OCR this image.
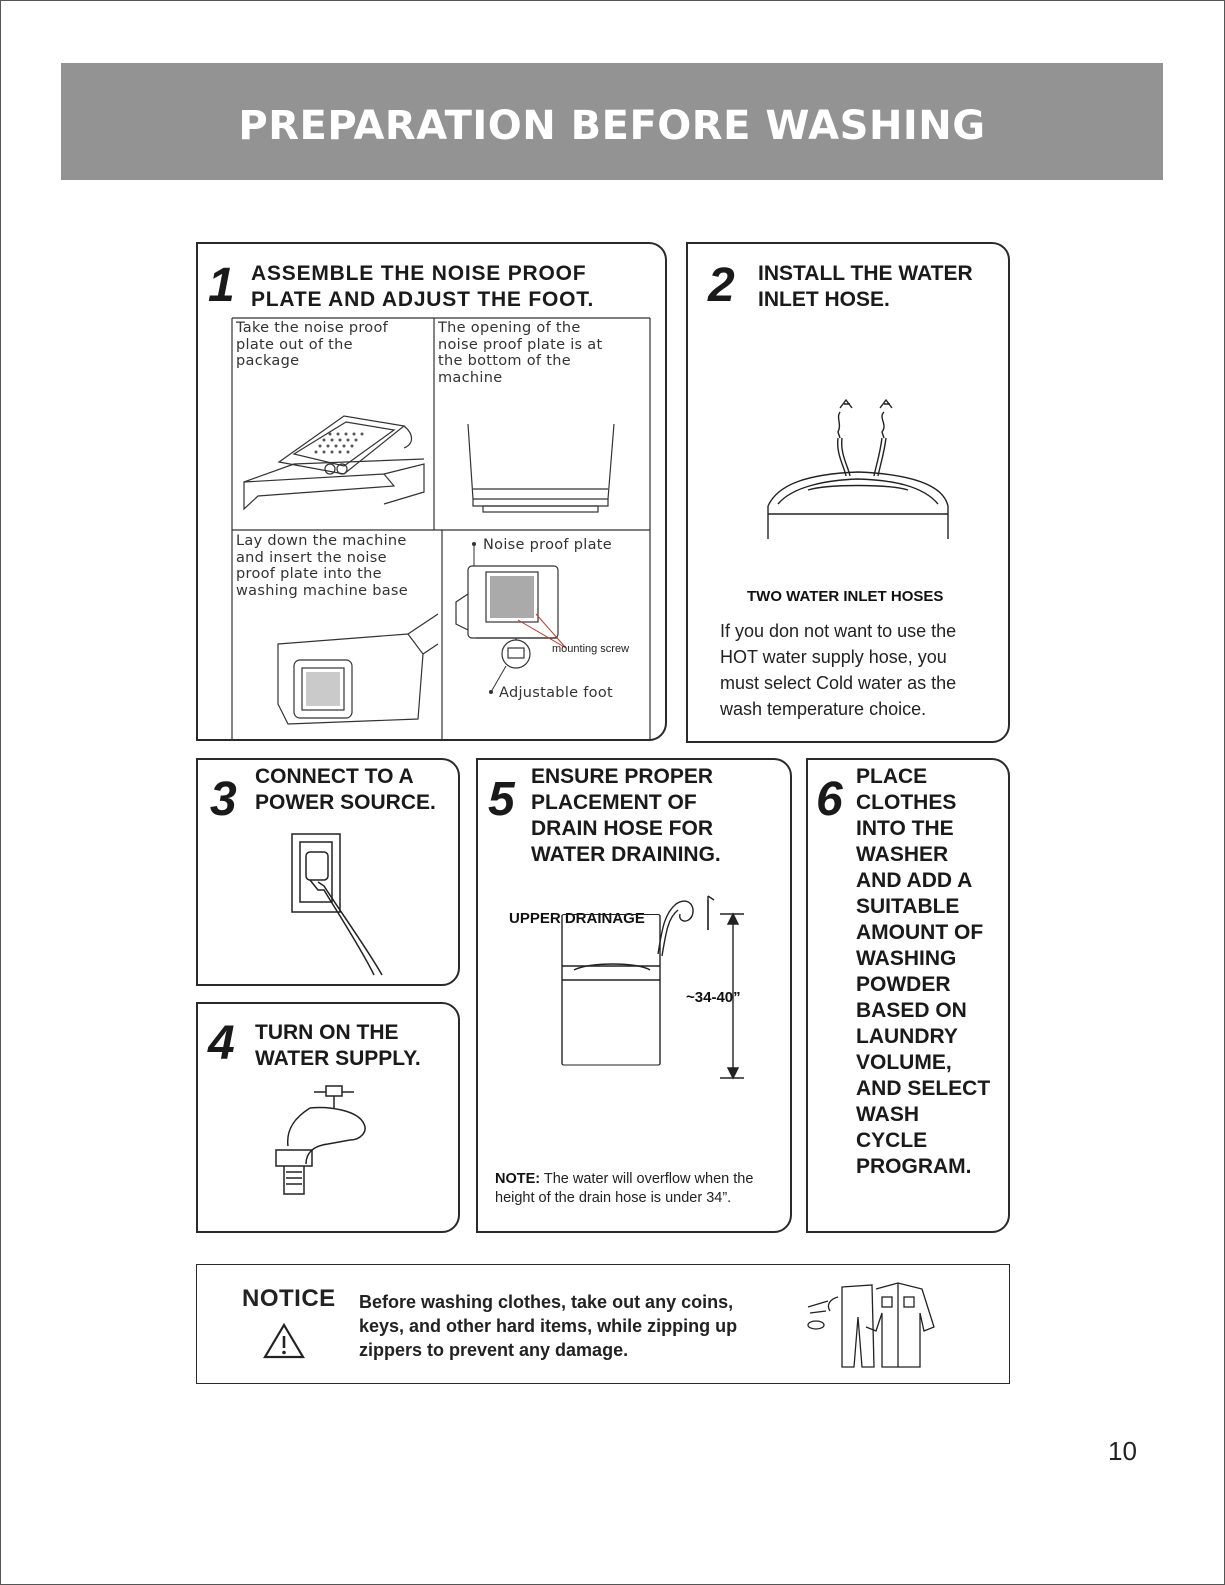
PREPARATION BEFORE WASHING
1 ASSEMBLE THE NOISE PROOF
PLATE AND ADJUST THE FOOT.
Take the noise proof
plate out of the
package
The opening of the
noise proof plate is at
the bottom of the
machine
Lay down the machine
and insert the noise
proof plate into the
washing machine base
Noise proof plate
mounting screw
Adjustable foot
2 INSTALL THE WATER
INLET HOSE.
TWO WATER INLET HOSES
If you don not want to use the
HOT water supply hose, you
must select Cold water as the
wash temperature choice.
3 CONNECT TO A
POWER SOURCE.
4 TURN ON THE
WATER SUPPLY.
5 ENSURE PROPER
PLACEMENT OF
DRAIN HOSE FOR
WATER DRAINING.
UPPER DRAINAGE
~34-40”
NOTE: The water will overflow when the height of the drain hose is under 34”.
6 PLACE
CLOTHES
INTO THE
WASHER
AND ADD A
SUITABLE
AMOUNT OF
WASHING
POWDER
BASED ON
LAUNDRY
VOLUME,
AND SELECT
WASH
CYCLE
PROGRAM.
NOTICE Before washing clothes, take out any coins,
keys, and other hard items, while zipping up
zippers to prevent any damage.
10
